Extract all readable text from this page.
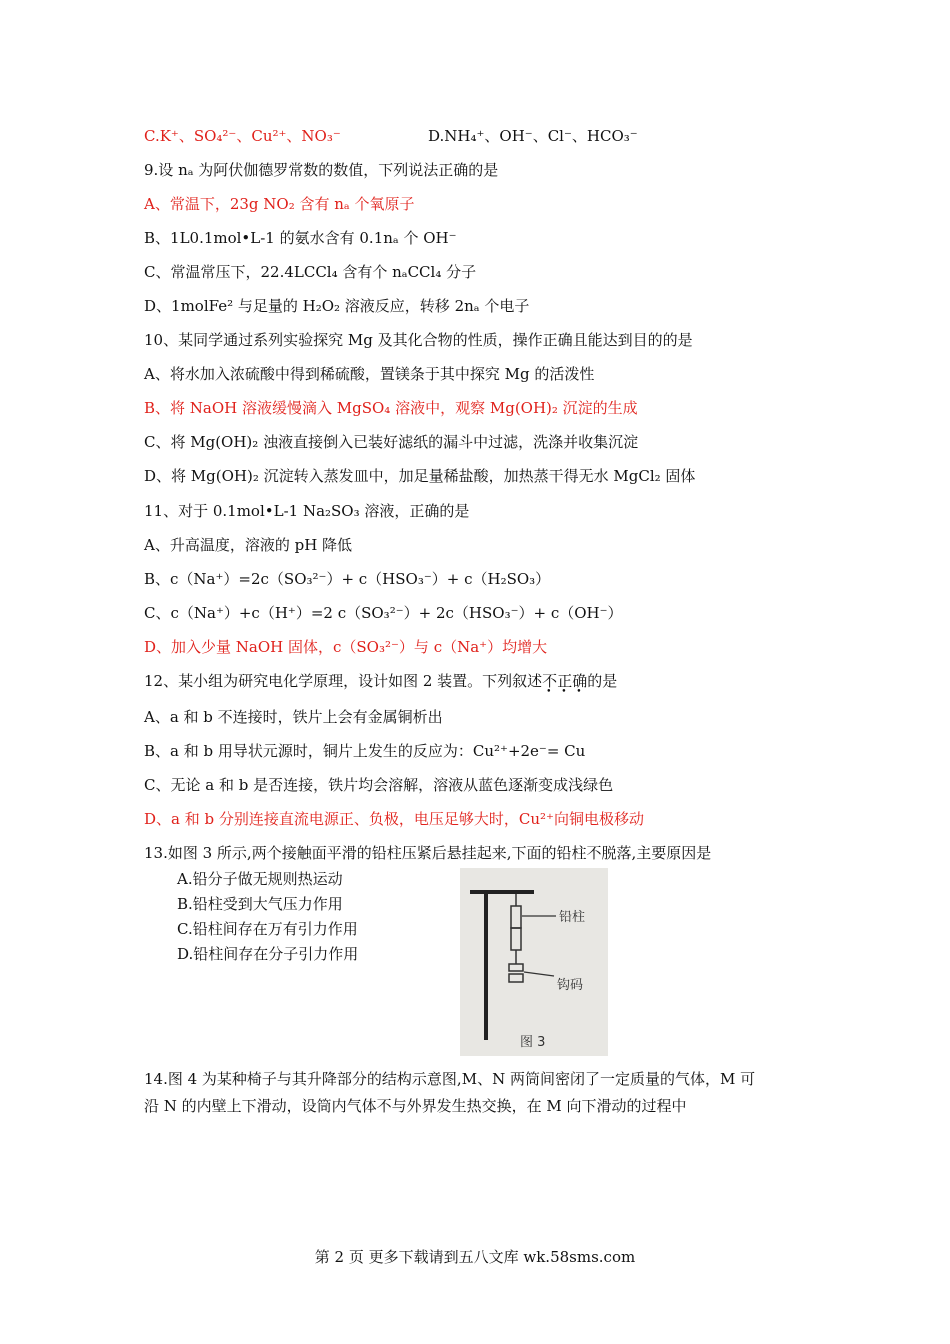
C.K⁺、SO₄²⁻、Cu²⁺、NO₃⁻	D.NH₄⁺、OH⁻、Cl⁻、HCO₃⁻
9.设 nₐ 为阿伏伽德罗常数的数值，下列说法正确的是
A、常温下，23g NO₂ 含有 nₐ 个氧原子
B、1L0.1mol•L-1 的氨水含有 0.1nₐ 个 OH⁻
C、常温常压下，22.4LCCl₄ 含有个 nₐCCl₄ 分子
D、1molFe² 与足量的 H₂O₂ 溶液反应，转移 2nₐ 个电子
10、某同学通过系列实验探究 Mg 及其化合物的性质，操作正确且能达到目的的是
A、将水加入浓硫酸中得到稀硫酸，置镁条于其中探究 Mg 的活泼性
B、将 NaOH 溶液缓慢滴入 MgSO₄ 溶液中，观察 Mg(OH)₂ 沉淀的生成
C、将 Mg(OH)₂ 浊液直接倒入已装好滤纸的漏斗中过滤，洗涤并收集沉淀
D、将 Mg(OH)₂ 沉淀转入蒸发皿中，加足量稀盐酸，加热蒸干得无水 MgCl₂ 固体
11、对于 0.1mol•L-1 Na₂SO₃ 溶液，正确的是
A、升高温度，溶液的 pH 降低
B、c（Na⁺）=2c（SO₃²⁻）+ c（HSO₃⁻）+ c（H₂SO₃）
C、c（Na⁺）+c（H⁺）=2 c（SO₃²⁻）+ 2c（HSO₃⁻）+ c（OH⁻）
D、加入少量 NaOH 固体，c（SO₃²⁻）与 c（Na⁺）均增大
12、某小组为研究电化学原理，设计如图 2 装置。下列叙述不正确的是
A、a 和 b 不连接时，铁片上会有金属铜析出
B、a 和 b 用导状元源时，铜片上发生的反应为：Cu²⁺+2e⁻= Cu
C、无论 a 和 b 是否连接，铁片均会溶解，溶液从蓝色逐渐变成浅绿色
D、a 和 b 分别连接直流电源正、负极，电压足够大时，Cu²⁺向铜电极移动
13.如图 3 所示,两个接触面平滑的铅柱压紧后悬挂起来,下面的铅柱不脱落,主要原因是
A.铅分子做无规则热运动
B.铅柱受到大气压力作用
C.铅柱间存在万有引力作用
D.铅柱间存在分子引力作用
铅柱
钩码
图 3
14.图 4 为某种椅子与其升降部分的结构示意图,M、N 两筒间密闭了一定质量的气体，M 可
沿 N 的内壁上下滑动，设筒内气体不与外界发生热交换，在 M 向下滑动的过程中
第 2 页 更多下载请到五八文库 wk.58sms.com
